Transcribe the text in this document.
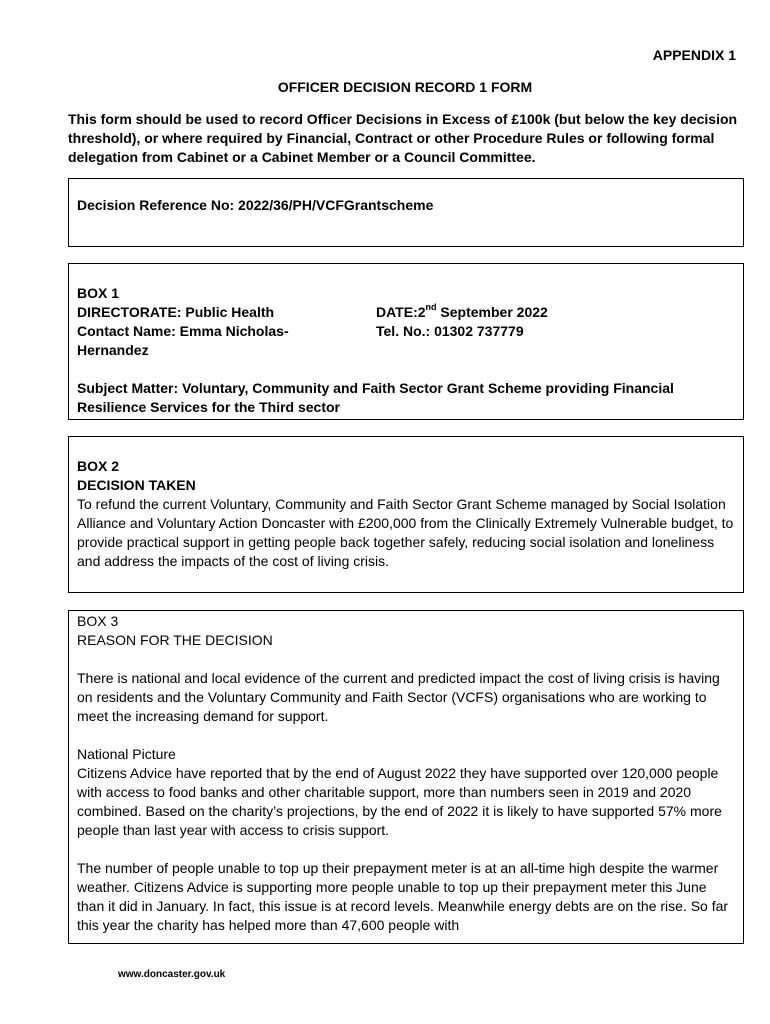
APPENDIX 1
OFFICER DECISION RECORD 1 FORM
This form should be used to record Officer Decisions in Excess of £100k (but below the key decision threshold), or where required by Financial, Contract or other Procedure Rules or following formal delegation from Cabinet or a Cabinet Member or a Council Committee.
Decision Reference No: 2022/36/PH/VCFGrantscheme
BOX 1
DIRECTORATE: Public Health	DATE:2nd September 2022
Contact Name: Emma Nicholas-	Tel. No.: 01302 737779
Hernandez
Subject Matter: Voluntary, Community and Faith Sector Grant Scheme providing Financial Resilience Services for the Third sector
BOX 2
DECISION TAKEN
To refund the current Voluntary, Community and Faith Sector Grant Scheme managed by Social Isolation Alliance and Voluntary Action Doncaster with £200,000 from the Clinically Extremely Vulnerable budget, to provide practical support in getting people back together safely, reducing social isolation and loneliness and address the impacts of the cost of living crisis.
BOX 3
REASON FOR THE DECISION
There is national and local evidence of the current and predicted impact the cost of living crisis is having on residents and the Voluntary Community and Faith Sector (VCFS) organisations who are working to meet the increasing demand for support.
National Picture
Citizens Advice have reported that by the end of August 2022 they have supported over 120,000 people with access to food banks and other charitable support, more than numbers seen in 2019 and 2020 combined. Based on the charity’s projections, by the end of 2022 it is likely to have supported 57% more people than last year with access to crisis support.
The number of people unable to top up their prepayment meter is at an all-time high despite the warmer weather. Citizens Advice is supporting more people unable to top up their prepayment meter this June than it did in January. In fact, this issue is at record levels. Meanwhile energy debts are on the rise. So far this year the charity has helped more than 47,600 people with
www.doncaster.gov.uk
